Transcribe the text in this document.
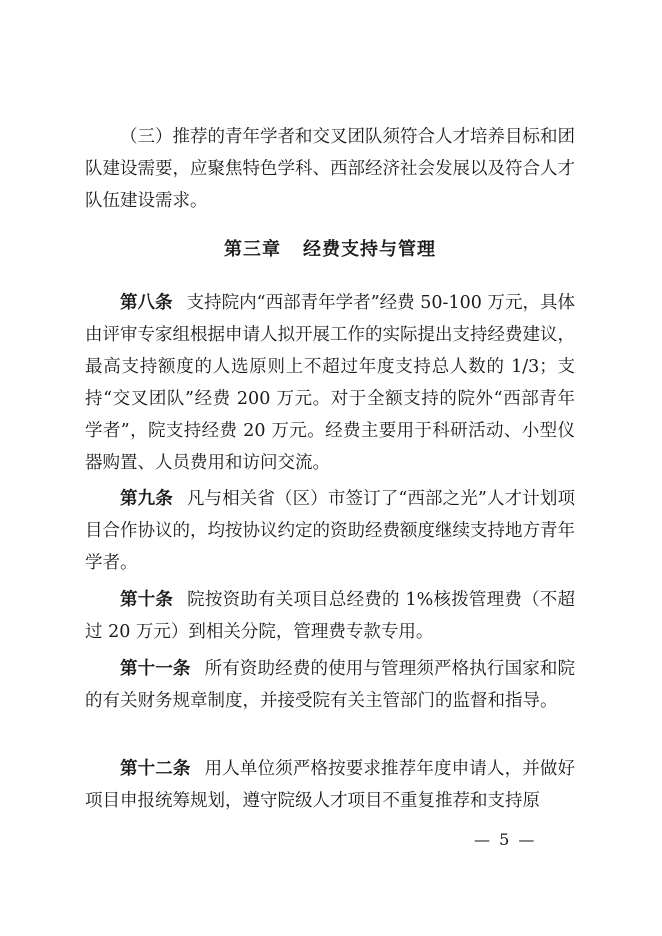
（三）推荐的青年学者和交叉团队须符合人才培养目标和团队建设需要，应聚焦特色学科、西部经济社会发展以及符合人才队伍建设需求。

第三章 经费支持与管理

第八条 支持院内“西部青年学者”经费 50-100 万元，具体由评审专家组根据申请人拟开展工作的实际提出支持经费建议，最高支持额度的人选原则上不超过年度支持总人数的 1/3；支持“交叉团队”经费 200 万元。对于全额支持的院外“西部青年学者”，院支持经费 20 万元。经费主要用于科研活动、小型仪器购置、人员费用和访问交流。

第九条 凡与相关省（区）市签订了“西部之光”人才计划项目合作协议的，均按协议约定的资助经费额度继续支持地方青年学者。

第十条 院按资助有关项目总经费的 1%核拨管理费（不超过 20 万元）到相关分院，管理费专款专用。

第十一条 所有资助经费的使用与管理须严格执行国家和院的有关财务规章制度，并接受院有关主管部门的监督和指导。

第十二条 用人单位须严格按要求推荐年度申请人，并做好项目申报统筹规划，遵守院级人才项目不重复推荐和支持原

— 5 —
